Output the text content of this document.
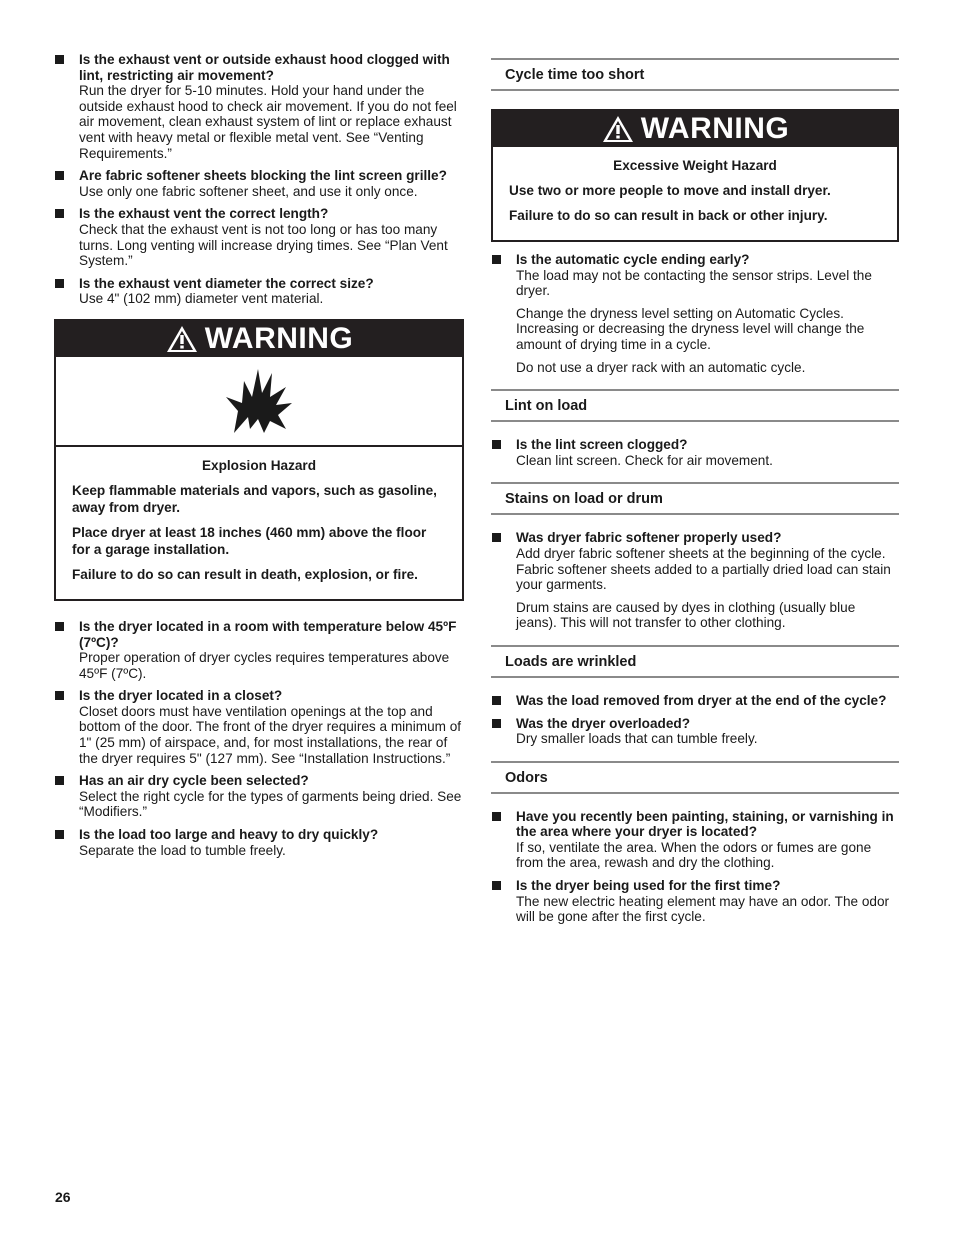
Is the exhaust vent or outside exhaust hood clogged with lint, restricting air movement?
Run the dryer for 5-10 minutes. Hold your hand under the outside exhaust hood to check air movement. If you do not feel air movement, clean exhaust system of lint or replace exhaust vent with heavy metal or flexible metal vent. See “Venting Requirements.”
Are fabric softener sheets blocking the lint screen grille?
Use only one fabric softener sheet, and use it only once.
Is the exhaust vent the correct length?
Check that the exhaust vent is not too long or has too many turns. Long venting will increase drying times. See “Plan Vent System.”
Is the exhaust vent diameter the correct size?
Use 4" (102 mm) diameter vent material.
WARNING

Explosion Hazard

Keep flammable materials and vapors, such as gasoline, away from dryer.

Place dryer at least 18 inches (460 mm) above the floor for a garage installation.

Failure to do so can result in death, explosion, or fire.

Is the dryer located in a room with temperature below 45ºF (7ºC)?
Proper operation of dryer cycles requires temperatures above 45ºF (7ºC).
Is the dryer located in a closet?
Closet doors must have ventilation openings at the top and bottom of the door. The front of the dryer requires a minimum of 1" (25 mm) of airspace, and, for most installations, the rear of the dryer requires 5" (127 mm). See “Installation Instructions.”
Has an air dry cycle been selected?
Select the right cycle for the types of garments being dried. See “Modifiers.”
Is the load too large and heavy to dry quickly?
Separate the load to tumble freely.
Cycle time too short
WARNING

Excessive Weight Hazard

Use two or more people to move and install dryer.

Failure to do so can result in back or other injury.

Is the automatic cycle ending early?
The load may not be contacting the sensor strips. Level the dryer.
Change the dryness level setting on Automatic Cycles. Increasing or decreasing the dryness level will change the amount of drying time in a cycle.
Do not use a dryer rack with an automatic cycle.
Lint on load
Is the lint screen clogged?
Clean lint screen. Check for air movement.
Stains on load or drum
Was dryer fabric softener properly used?
Add dryer fabric softener sheets at the beginning of the cycle. Fabric softener sheets added to a partially dried load can stain your garments.
Drum stains are caused by dyes in clothing (usually blue jeans). This will not transfer to other clothing.
Loads are wrinkled
Was the load removed from dryer at the end of the cycle?
Was the dryer overloaded?
Dry smaller loads that can tumble freely.
Odors
Have you recently been painting, staining, or varnishing in the area where your dryer is located?
If so, ventilate the area. When the odors or fumes are gone from the area, rewash and dry the clothing.
Is the dryer being used for the first time?
The new electric heating element may have an odor. The odor will be gone after the first cycle.
26
